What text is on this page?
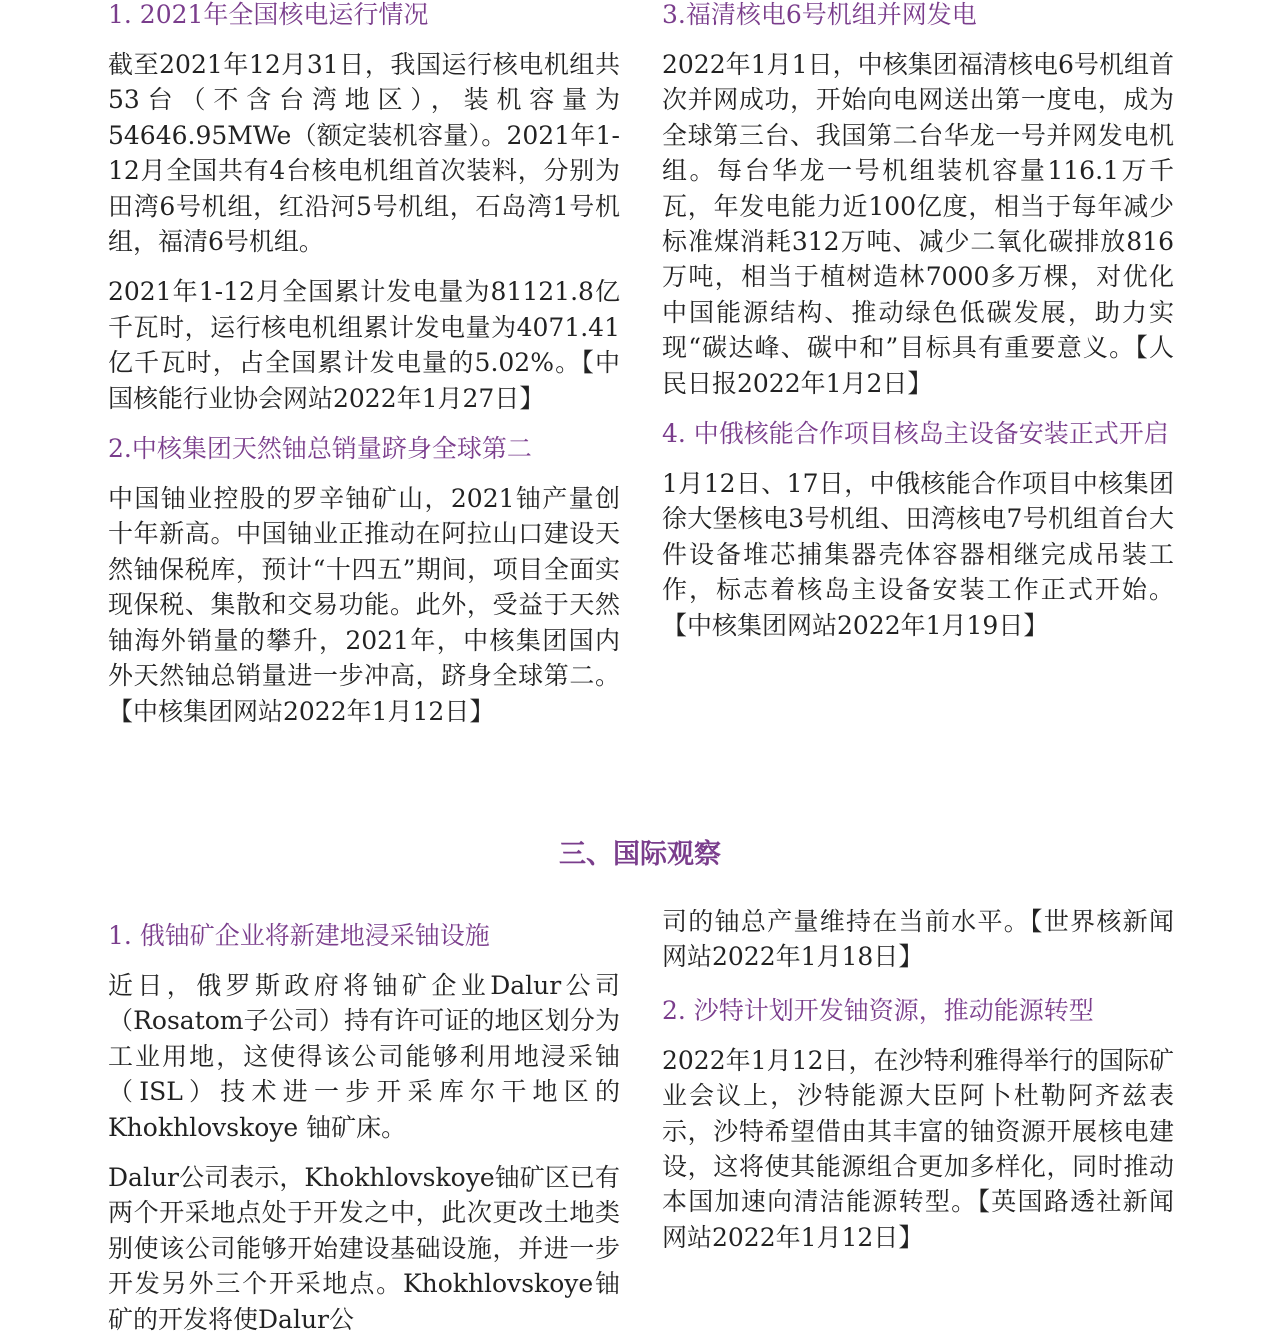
1. 2021年全国核电运行情况
截至2021年12月31日，我国运行核电机组共53台（不含台湾地区），装机容量为54646.95MWe（额定装机容量）。2021年1-12月全国共有4台核电机组首次装料，分别为田湾6号机组，红沿河5号机组，石岛湾1号机组，福清6号机组。
2021年1-12月全国累计发电量为81121.8亿千瓦时，运行核电机组累计发电量为4071.41亿千瓦时，占全国累计发电量的5.02%。【中国核能行业协会网站2022年1月27日】
2.中核集团天然铀总销量跻身全球第二
中国铀业控股的罗辛铀矿山，2021铀产量创十年新高。中国铀业正推动在阿拉山口建设天然铀保税库，预计“十四五”期间，项目全面实现保税、集散和交易功能。此外，受益于天然铀海外销量的攀升，2021年，中核集团国内外天然铀总销量进一步冲高，跻身全球第二。【中核集团网站2022年1月12日】
3.福清核电6号机组并网发电
2022年1月1日，中核集团福清核电6号机组首次并网成功，开始向电网送出第一度电，成为全球第三台、我国第二台华龙一号并网发电机组。每台华龙一号机组装机容量116.1万千瓦，年发电能力近100亿度，相当于每年减少标准煤消耗312万吨、减少二氧化碳排放816万吨，相当于植树造林7000多万棵，对优化中国能源结构、推动绿色低碳发展，助力实现“碳达峰、碳中和”目标具有重要意义。【人民日报2022年1月2日】
4. 中俄核能合作项目核岛主设备安装正式开启
1月12日、17日，中俄核能合作项目中核集团徐大堡核电3号机组、田湾核电7号机组首台大件设备堆芯捕集器壳体容器相继完成吊装工作，标志着核岛主设备安装工作正式开始。【中核集团网站2022年1月19日】
三、国际观察
1. 俄铀矿企业将新建地浸采铀设施
近日，俄罗斯政府将铀矿企业Dalur公司（Rosatom子公司）持有许可证的地区划分为工业用地，这使得该公司能够利用地浸采铀（ISL）技术进一步开采库尔干地区的Khokhlovskoye 铀矿床。
Dalur公司表示，Khokhlovskoye铀矿区已有两个开采地点处于开发之中，此次更改土地类别使该公司能够开始建设基础设施，并进一步开发另外三个开采地点。Khokhlovskoye铀矿的开发将使Dalur公
司的铀总产量维持在当前水平。【世界核新闻网站2022年1月18日】
2. 沙特计划开发铀资源，推动能源转型
2022年1月12日，在沙特利雅得举行的国际矿业会议上，沙特能源大臣阿卜杜勒阿齐兹表示，沙特希望借由其丰富的铀资源开展核电建设，这将使其能源组合更加多样化，同时推动本国加速向清洁能源转型。【英国路透社新闻网站2022年1月12日】
